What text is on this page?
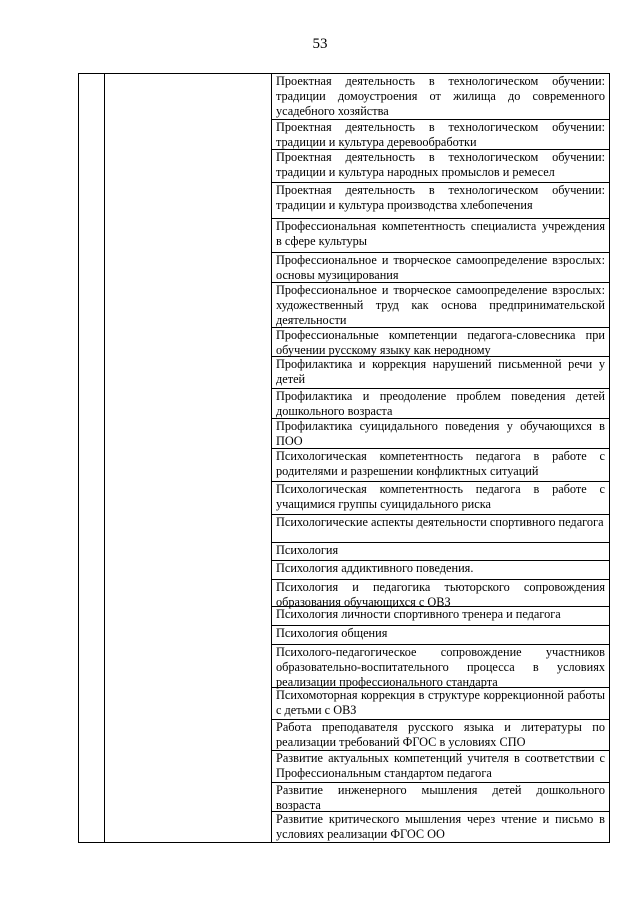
53
Проектная деятельность в технологическом обучении: традиции домоустроения от жилища до современного усадебного хозяйства
Проектная деятельность в технологическом обучении: традиции и культура деревообработки
Проектная деятельность в технологическом обучении: традиции и культура народных промыслов и ремесел
Проектная деятельность в технологическом обучении: традиции и культура производства хлебопечения
Профессиональная компетентность специалиста учреждения в сфере культуры
Профессиональное и творческое самоопределение взрослых: основы музицирования
Профессиональное и творческое самоопределение взрослых: художественный труд как основа предпринимательской деятельности
Профессиональные компетенции педагога-словесника при обучении русскому языку как неродному
Профилактика и коррекция нарушений письменной речи у детей
Профилактика и преодоление проблем поведения детей дошкольного возраста
Профилактика суицидального поведения у обучающихся в ПОО
Психологическая компетентность педагога в работе с родителями и разрешении конфликтных ситуаций
Психологическая компетентность педагога в работе с учащимися группы суицидального риска
Психологические аспекты деятельности спортивного педагога
Психология
Психология аддиктивного поведения.
Психология и педагогика тьюторского сопровождения образования обучающихся с ОВЗ
Психология личности спортивного тренера и педагога
Психология общения
Психолого-педагогическое сопровождение участников образовательно-воспитательного процесса в условиях реализации профессионального стандарта
Психомоторная коррекция в структуре коррекционной работы с детьми с ОВЗ
Работа преподавателя русского языка и литературы по реализации требований ФГОС в условиях СПО
Развитие актуальных компетенций учителя в соответствии с Профессиональным стандартом педагога
Развитие инженерного мышления детей дошкольного возраста
Развитие критического мышления через чтение и письмо в условиях реализации ФГОС ОО
